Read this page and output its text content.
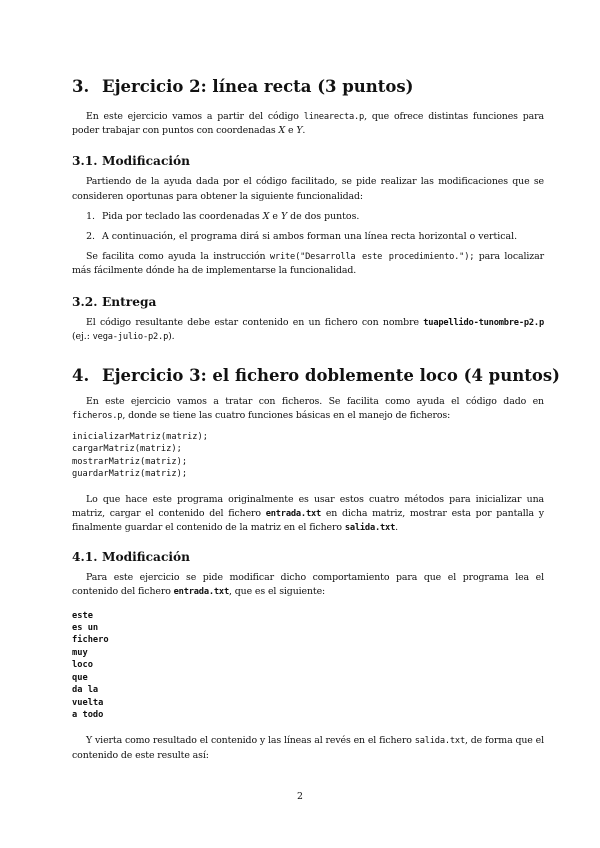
3. Ejercicio 2: línea recta (3 puntos)

En este ejercicio vamos a partir del código linearecta.p, que ofrece distintas funciones para poder trabajar con puntos con coordenadas X e Y.

3.1. Modificación

Partiendo de la ayuda dada por el código facilitado, se pide realizar las modificaciones que se consideren oportunas para obtener la siguiente funcionalidad:

1. Pida por teclado las coordenadas X e Y de dos puntos.
2. A continuación, el programa dirá si ambos forman una línea recta horizontal o vertical.

Se facilita como ayuda la instrucción write("Desarrolla este procedimiento."); para localizar más fácilmente dónde ha de implementarse la funcionalidad.

3.2. Entrega

El código resultante debe estar contenido en un fichero con nombre tuapellido-tunombre-p2.p (ej.: vega-julio-p2.p).

4. Ejercicio 3: el fichero doblemente loco (4 puntos)

En este ejercicio vamos a tratar con ficheros. Se facilita como ayuda el código dado en ficheros.p, donde se tiene las cuatro funciones básicas en el manejo de ficheros:

inicializarMatriz(matriz);
cargarMatriz(matriz);
mostrarMatriz(matriz);
guardarMatriz(matriz);

Lo que hace este programa originalmente es usar estos cuatro métodos para inicializar una matriz, cargar el contenido del fichero entrada.txt en dicha matriz, mostrar esta por pantalla y finalmente guardar el contenido de la matriz en el fichero salida.txt.

4.1. Modificación

Para este ejercicio se pide modificar dicho comportamiento para que el programa lea el contenido del fichero entrada.txt, que es el siguiente:

este
es un
fichero
muy
loco
que
da la
vuelta
a todo

Y vierta como resultado el contenido y las líneas al revés en el fichero salida.txt, de forma que el contenido de este resulte así:

2
